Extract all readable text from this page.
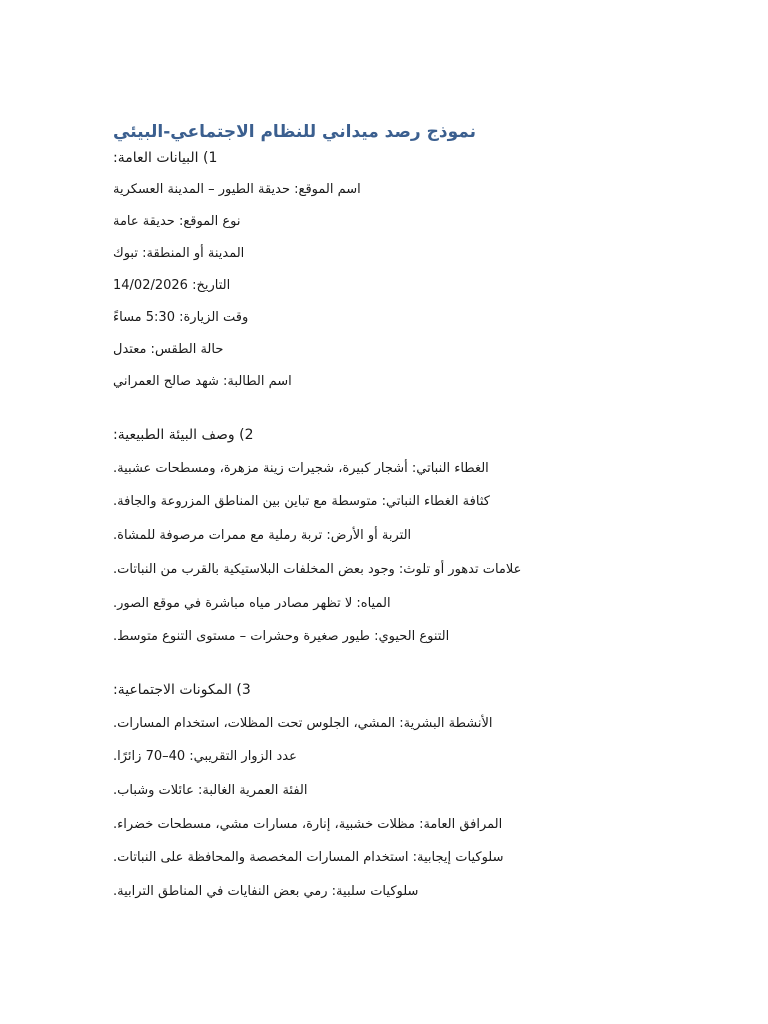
نموذج رصد ميداني للنظام الاجتماعي-البيئي
1) البيانات العامة:
اسم الموقع: حديقة الطيور – المدينة العسكرية
نوع الموقع: حديقة عامة
المدينة أو المنطقة: تبوك
التاريخ: 14/02/2026
وقت الزيارة: 5:30 مساءً
حالة الطقس: معتدل
اسم الطالبة: شهد صالح العمراني
2) وصف البيئة الطبيعية:
الغطاء النباتي: أشجار كبيرة، شجيرات زينة مزهرة، ومسطحات عشبية.
كثافة الغطاء النباتي: متوسطة مع تباين بين المناطق المزروعة والجافة.
التربة أو الأرض: تربة رملية مع ممرات مرصوفة للمشاة.
علامات تدهور أو تلوث: وجود بعض المخلفات البلاستيكية بالقرب من النباتات.
المياه: لا تظهر مصادر مياه مباشرة في موقع الصور.
التنوع الحيوي: طيور صغيرة وحشرات – مستوى التنوع متوسط.
3) المكونات الاجتماعية:
الأنشطة البشرية: المشي، الجلوس تحت المظلات، استخدام المسارات.
عدد الزوار التقريبي: 40–70 زائرًا.
الفئة العمرية الغالبة: عائلات وشباب.
المرافق العامة: مظلات خشبية، إنارة، مسارات مشي، مسطحات خضراء.
سلوكيات إيجابية: استخدام المسارات المخصصة والمحافظة على النباتات.
سلوكيات سلبية: رمي بعض النفايات في المناطق الترابية.
